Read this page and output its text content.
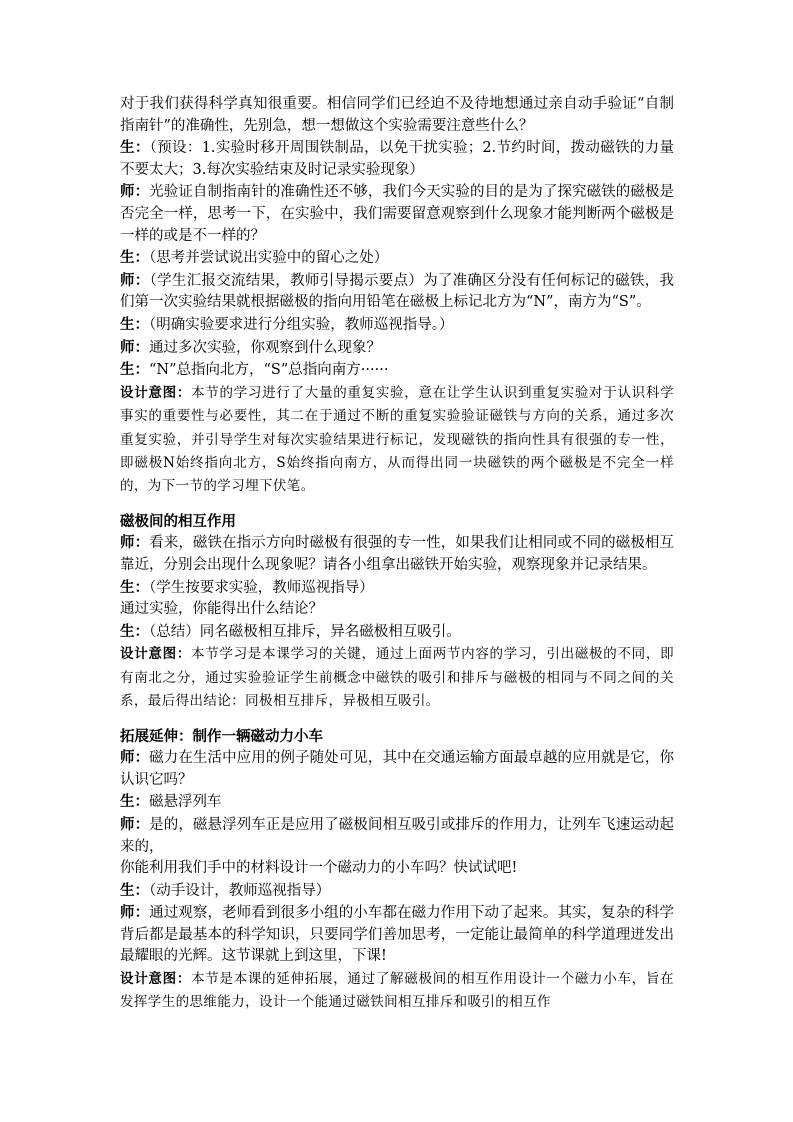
对于我们获得科学真知很重要。相信同学们已经迫不及待地想通过亲自动手验证“自制指南针”的准确性，先别急，想一想做这个实验需要注意些什么？

生：（预设：1.实验时移开周围铁制品，以免干扰实验；2.节约时间，拨动磁铁的力量不要太大；3.每次实验结束及时记录实验现象）

师：光验证自制指南针的准确性还不够，我们今天实验的目的是为了探究磁铁的磁极是否完全一样，思考一下，在实验中，我们需要留意观察到什么现象才能判断两个磁极是一样的或是不一样的？

生：（思考并尝试说出实验中的留心之处）

师：（学生汇报交流结果，教师引导揭示要点）为了准确区分没有任何标记的磁铁，我们第一次实验结果就根据磁极的指向用铅笔在磁极上标记北方为“N”，南方为“S”。

生：（明确实验要求进行分组实验，教师巡视指导。）

师：通过多次实验，你观察到什么现象？

生：“N”总指向北方，“S”总指向南方······

设计意图：本节的学习进行了大量的重复实验，意在让学生认识到重复实验对于认识科学事实的重要性与必要性，其二在于通过不断的重复实验验证磁铁与方向的关系，通过多次重复实验，并引导学生对每次实验结果进行标记，发现磁铁的指向性具有很强的专一性，即磁极N始终指向北方，S始终指向南方，从而得出同一块磁铁的两个磁极是不完全一样的，为下一节的学习埋下伏笔。

磁极间的相互作用

师：看来，磁铁在指示方向时磁极有很强的专一性，如果我们让相同或不同的磁极相互靠近，分别会出现什么现象呢？请各小组拿出磁铁开始实验，观察现象并记录结果。

生：（学生按要求实验，教师巡视指导）

通过实验，你能得出什么结论？

生：（总结）同名磁极相互排斥，异名磁极相互吸引。

设计意图：本节学习是本课学习的关键，通过上面两节内容的学习，引出磁极的不同，即有南北之分，通过实验验证学生前概念中磁铁的吸引和排斥与磁极的相同与不同之间的关系，最后得出结论：同极相互排斥，异极相互吸引。

拓展延伸：制作一辆磁动力小车

师：磁力在生活中应用的例子随处可见，其中在交通运输方面最卓越的应用就是它，你认识它吗？

生：磁悬浮列车

师：是的，磁悬浮列车正是应用了磁极间相互吸引或排斥的作用力，让列车飞速运动起来的，

你能利用我们手中的材料设计一个磁动力的小车吗？快试试吧!

生：（动手设计，教师巡视指导）

师：通过观察，老师看到很多小组的小车都在磁力作用下动了起来。其实，复杂的科学背后都是最基本的科学知识，只要同学们善加思考，一定能让最简单的科学道理迸发出最耀眼的光辉。这节课就上到这里，下课!

设计意图：本节是本课的延伸拓展，通过了解磁极间的相互作用设计一个磁力小车，旨在发挥学生的思维能力，设计一个能通过磁铁间相互排斥和吸引的相互作
